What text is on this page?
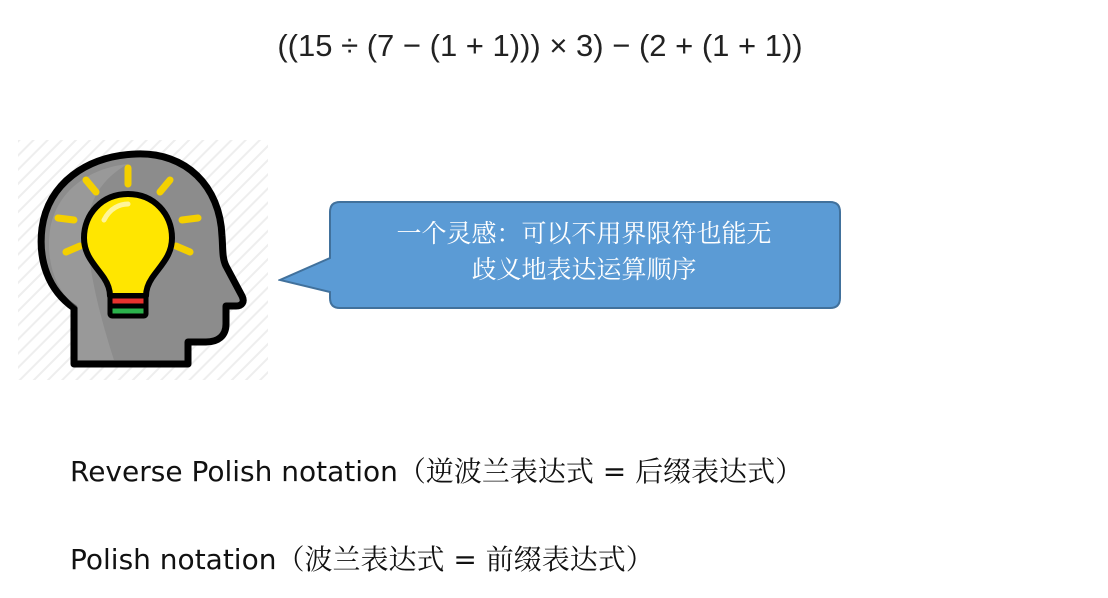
((15 ÷ (7 − (1 + 1))) × 3) − (2 + (1 + 1))
一个灵感：可以不用界限符也能无
歧义地表达运算顺序
Reverse Polish notation（逆波兰表达式 = 后缀表达式）
Polish notation（波兰表达式 = 前缀表达式）
